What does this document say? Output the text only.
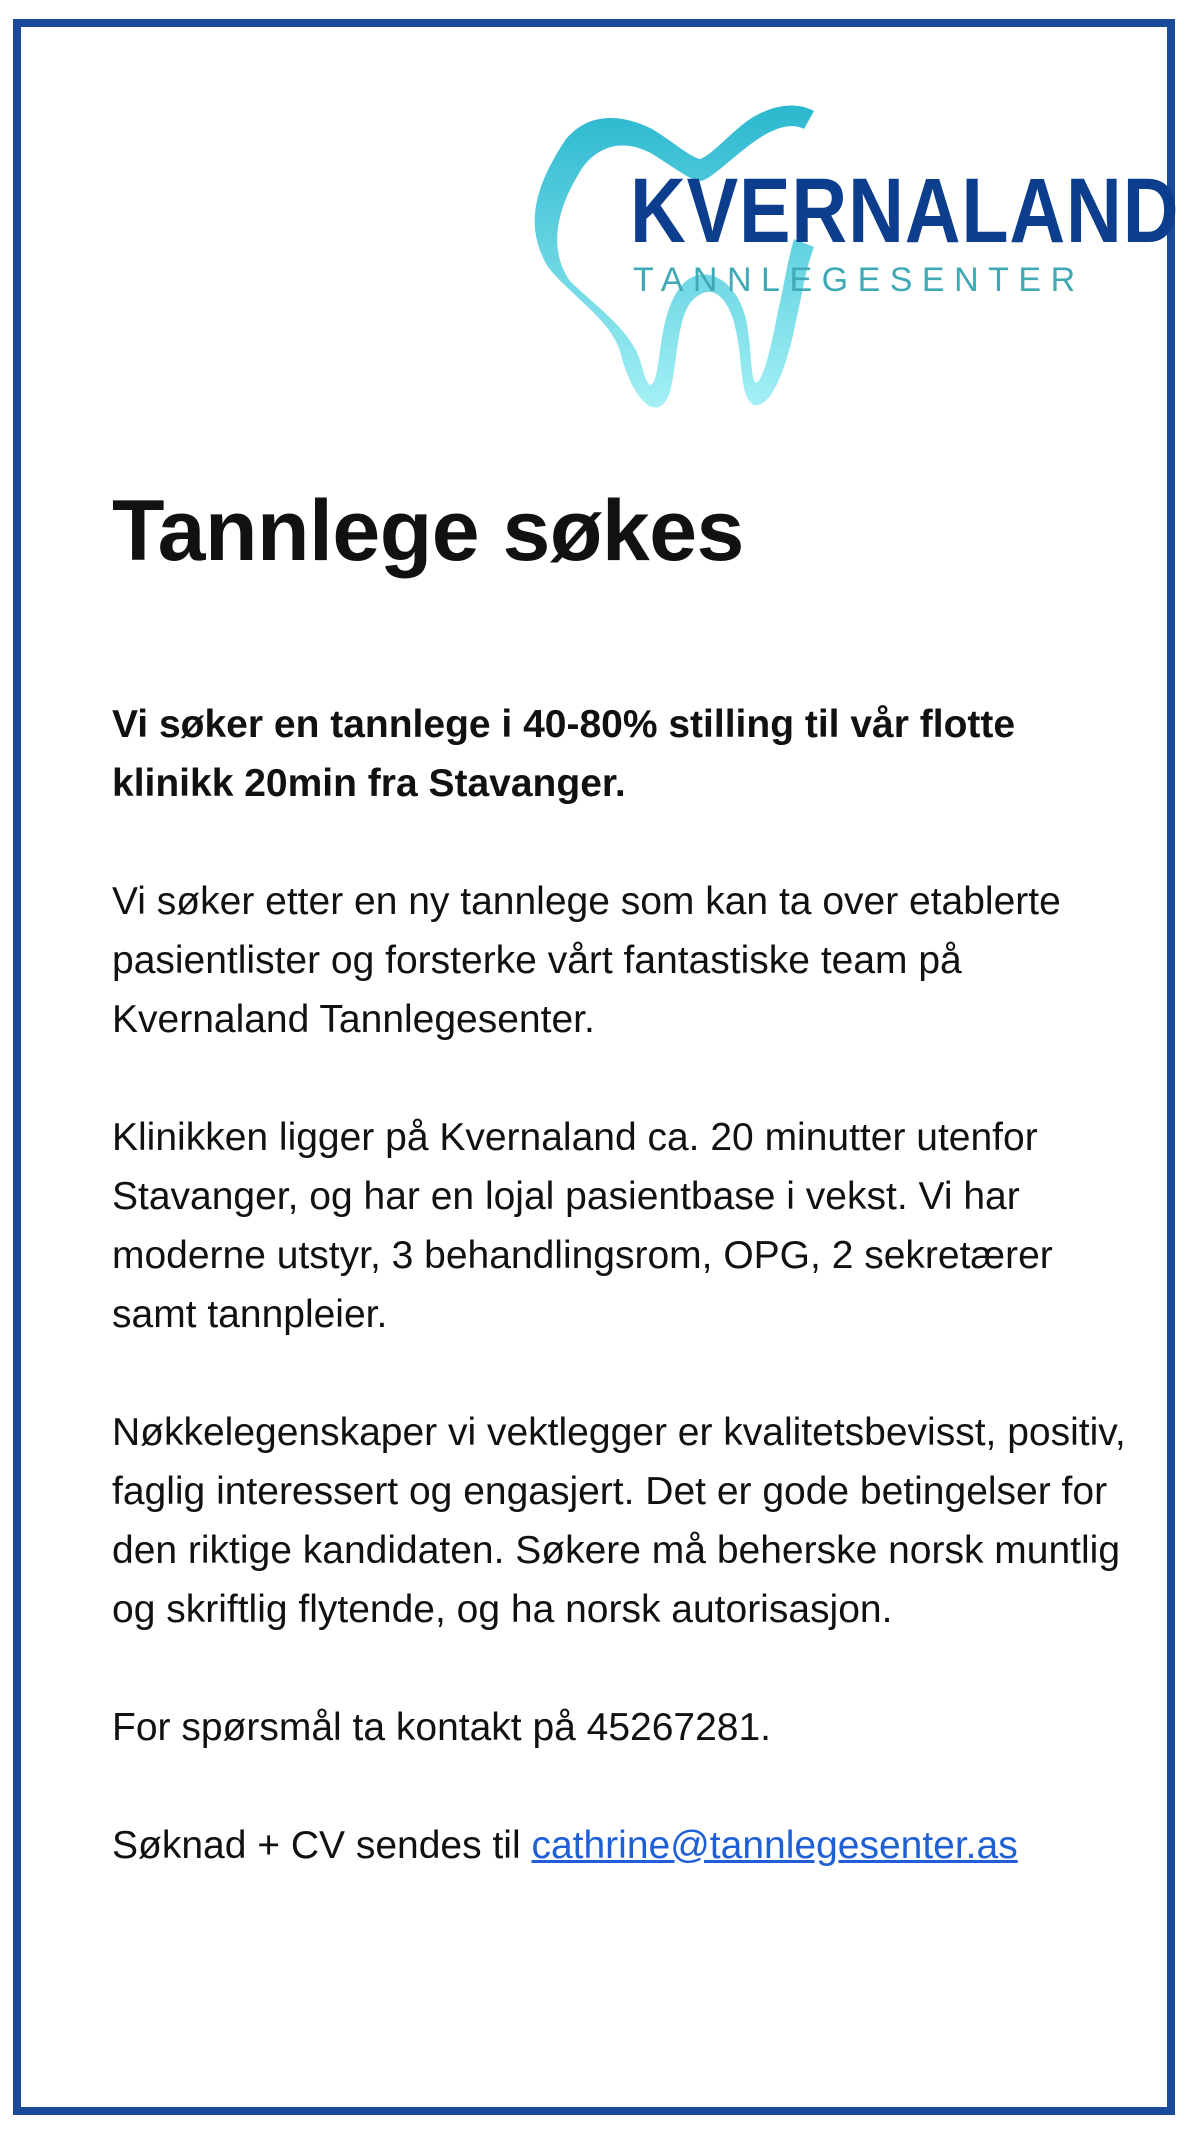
KVERNALAND
TANNLEGESENTER
Tannlege søkes

Vi søker en tannlege i 40-80% stilling til vår flotte klinikk 20min fra Stavanger.

Vi søker etter en ny tannlege som kan ta over etablerte pasientlister og forsterke vårt fantastiske team på Kvernaland Tannlegesenter.

Klinikken ligger på Kvernaland ca. 20 minutter utenfor Stavanger, og har en lojal pasientbase i vekst. Vi har moderne utstyr, 3 behandlingsrom, OPG, 2 sekretærer samt tannpleier.

Nøkkelegenskaper vi vektlegger er kvalitetsbevisst, positiv, faglig interessert og engasjert. Det er gode betingelser for den riktige kandidaten. Søkere må beherske norsk muntlig og skriftlig flytende, og ha norsk autorisasjon.

For spørsmål ta kontakt på 45267281.

Søknad + CV sendes til cathrine@tannlegesenter.as
